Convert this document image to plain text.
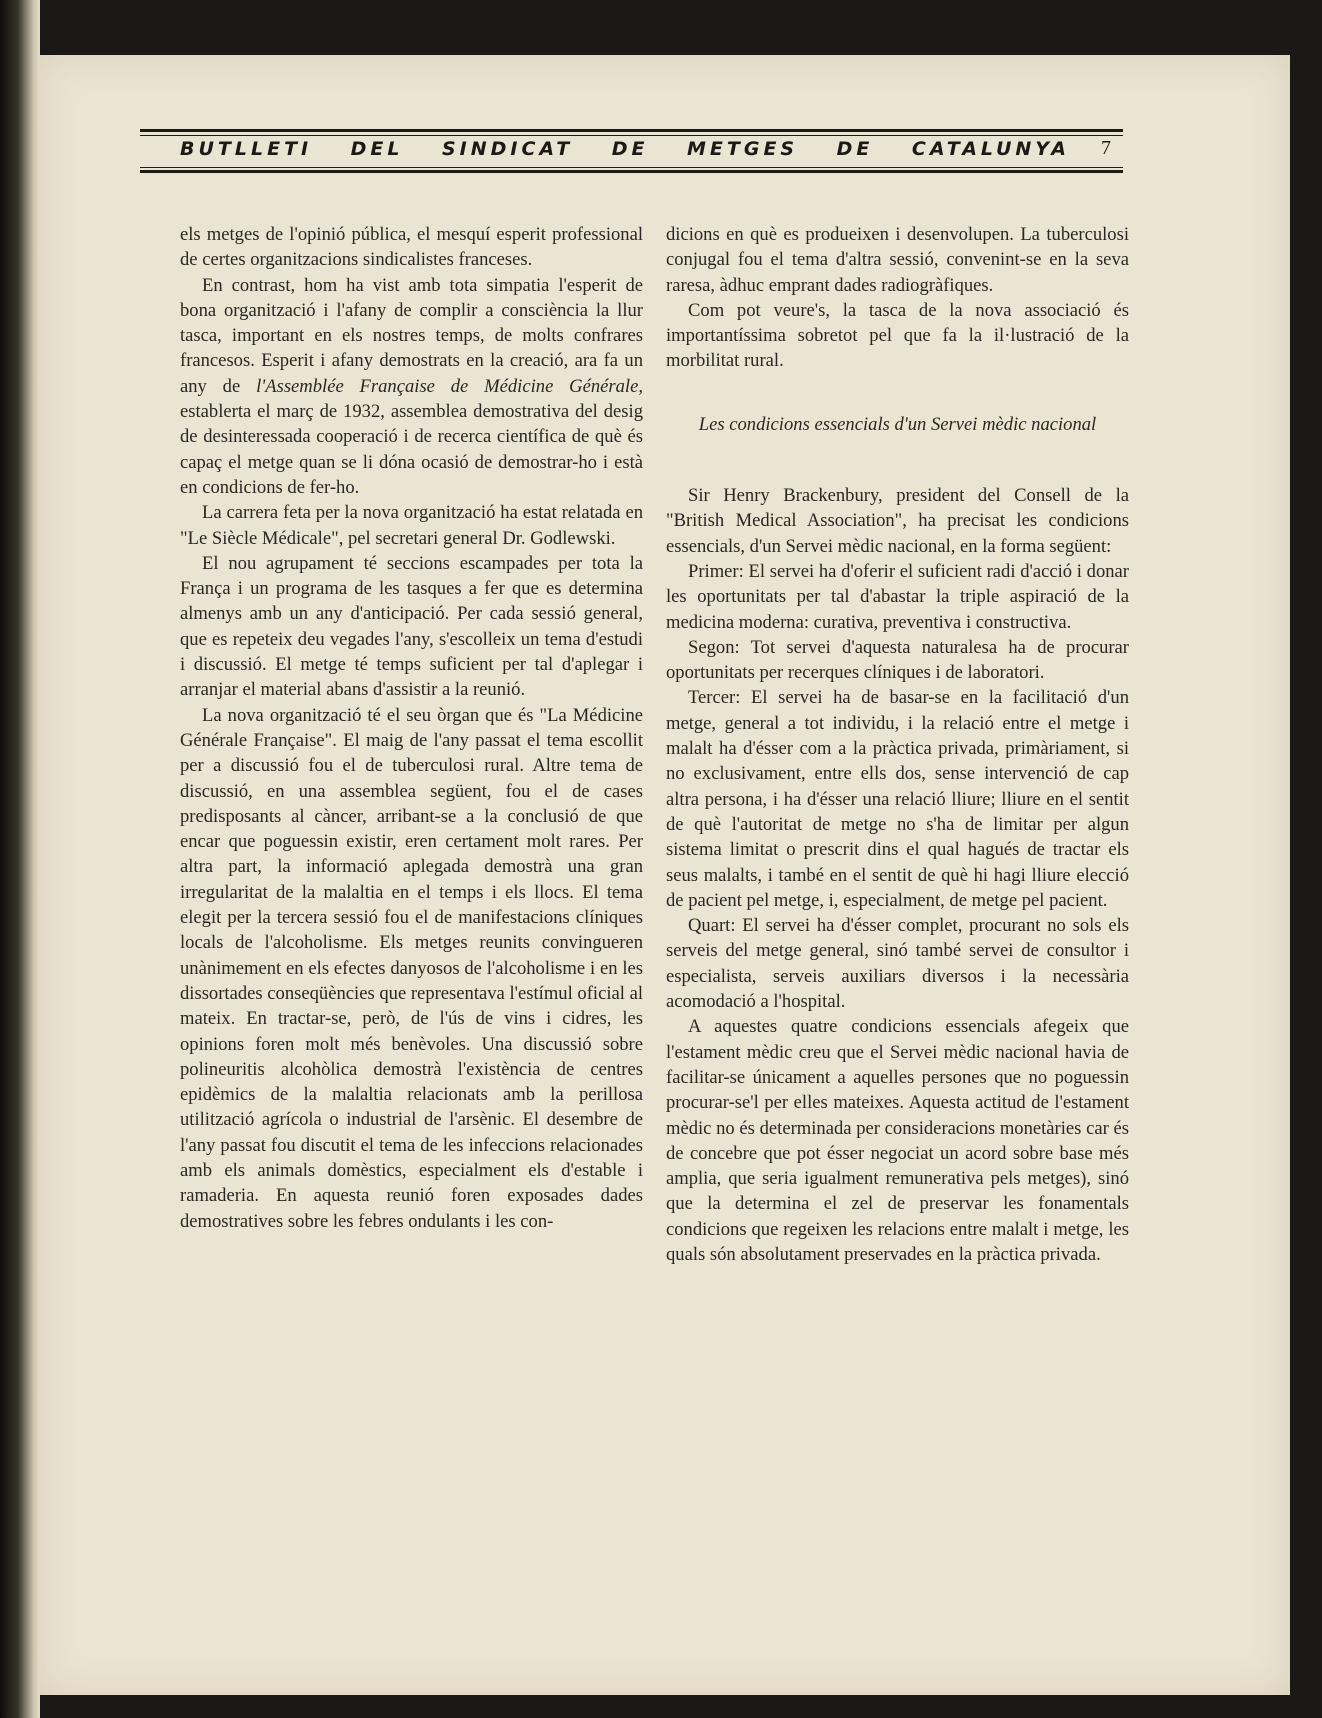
BUTLLETI DEL SINDICAT DE METGES DE CATALUNYA 7

els metges de l'opinió pública, el mesquí esperit professional de certes organitzacions sindicalistes franceses.

En contrast, hom ha vist amb tota simpatia l'esperit de bona organització i l'afany de complir a consciència la llur tasca, important en els nostres temps, de molts confrares francesos. Esperit i afany demostrats en la creació, ara fa un any de l'Assemblée Française de Médicine Générale, establerta el març de 1932, assemblea demostrativa del desig de desinteressada cooperació i de recerca científica de què és capaç el metge quan se li dóna ocasió de demostrar-ho i està en condicions de fer-ho.

La carrera feta per la nova organització ha estat relatada en "Le Siècle Médicale", pel secretari general Dr. Godlewski.

El nou agrupament té seccions escampades per tota la França i un programa de les tasques a fer que es determina almenys amb un any d'anticipació. Per cada sessió general, que es repeteix deu vegades l'any, s'escolleix un tema d'estudi i discussió. El metge té temps suficient per tal d'aplegar i arranjar el material abans d'assistir a la reunió.

La nova organització té el seu òrgan que és "La Médicine Générale Française". El maig de l'any passat el tema escollit per a discussió fou el de tuberculosi rural. Altre tema de discussió, en una assemblea següent, fou el de cases predisposants al càncer, arribant-se a la conclusió de que encar que poguessin existir, eren certament molt rares. Per altra part, la informació aplegada demostrà una gran irregularitat de la malaltia en el temps i els llocs. El tema elegit per la tercera sessió fou el de manifestacions clíniques locals de l'alcoholisme. Els metges reunits convingueren unànimement en els efectes danyosos de l'alcoholisme i en les dissortades conseqüències que representava l'estímul oficial al mateix. En tractar-se, però, de l'ús de vins i cidres, les opinions foren molt més benèvoles. Una discussió sobre polineuritis alcohòlica demostrà l'existència de centres epidèmics de la malaltia relacionats amb la perillosa utilització agrícola o industrial de l'arsènic. El desembre de l'any passat fou discutit el tema de les infeccions relacionades amb els animals domèstics, especialment els d'estable i ramaderia. En aquesta reunió foren exposades dades demostratives sobre les febres ondulants i les con-

dicions en què es produeixen i desenvolupen. La tuberculosi conjugal fou el tema d'altra sessió, convenint-se en la seva raresa, àdhuc emprant dades radiogràfiques.

Com pot veure's, la tasca de la nova associació és importantíssima sobretot pel que fa la il·lustració de la morbilitat rural.

Les condicions essencials d'un Servei mèdic nacional

Sir Henry Brackenbury, president del Consell de la "British Medical Association", ha precisat les condicions essencials, d'un Servei mèdic nacional, en la forma següent:

Primer: El servei ha d'oferir el suficient radi d'acció i donar les oportunitats per tal d'abastar la triple aspiració de la medicina moderna: curativa, preventiva i constructiva.

Segon: Tot servei d'aquesta naturalesa ha de procurar oportunitats per recerques clíniques i de laboratori.

Tercer: El servei ha de basar-se en la facilitació d'un metge, general a tot individu, i la relació entre el metge i malalt ha d'ésser com a la pràctica privada, primàriament, si no exclusivament, entre ells dos, sense intervenció de cap altra persona, i ha d'ésser una relació lliure; lliure en el sentit de què l'autoritat de metge no s'ha de limitar per algun sistema limitat o prescrit dins el qual hagués de tractar els seus malalts, i també en el sentit de què hi hagi lliure elecció de pacient pel metge, i, especialment, de metge pel pacient.

Quart: El servei ha d'ésser complet, procurant no sols els serveis del metge general, sinó també servei de consultor i especialista, serveis auxiliars diversos i la necessària acomodació a l'hospital.

A aquestes quatre condicions essencials afegeix que l'estament mèdic creu que el Servei mèdic nacional havia de facilitar-se únicament a aquelles persones que no poguessin procurar-se'l per elles mateixes. Aquesta actitud de l'estament mèdic no és determinada per consideracions monetàries car és de concebre que pot ésser negociat un acord sobre base més amplia, que seria igualment remunerativa pels metges), sinó que la determina el zel de preservar les fonamentals condicions que regeixen les relacions entre malalt i metge, les quals són absolutament preservades en la pràctica privada.
